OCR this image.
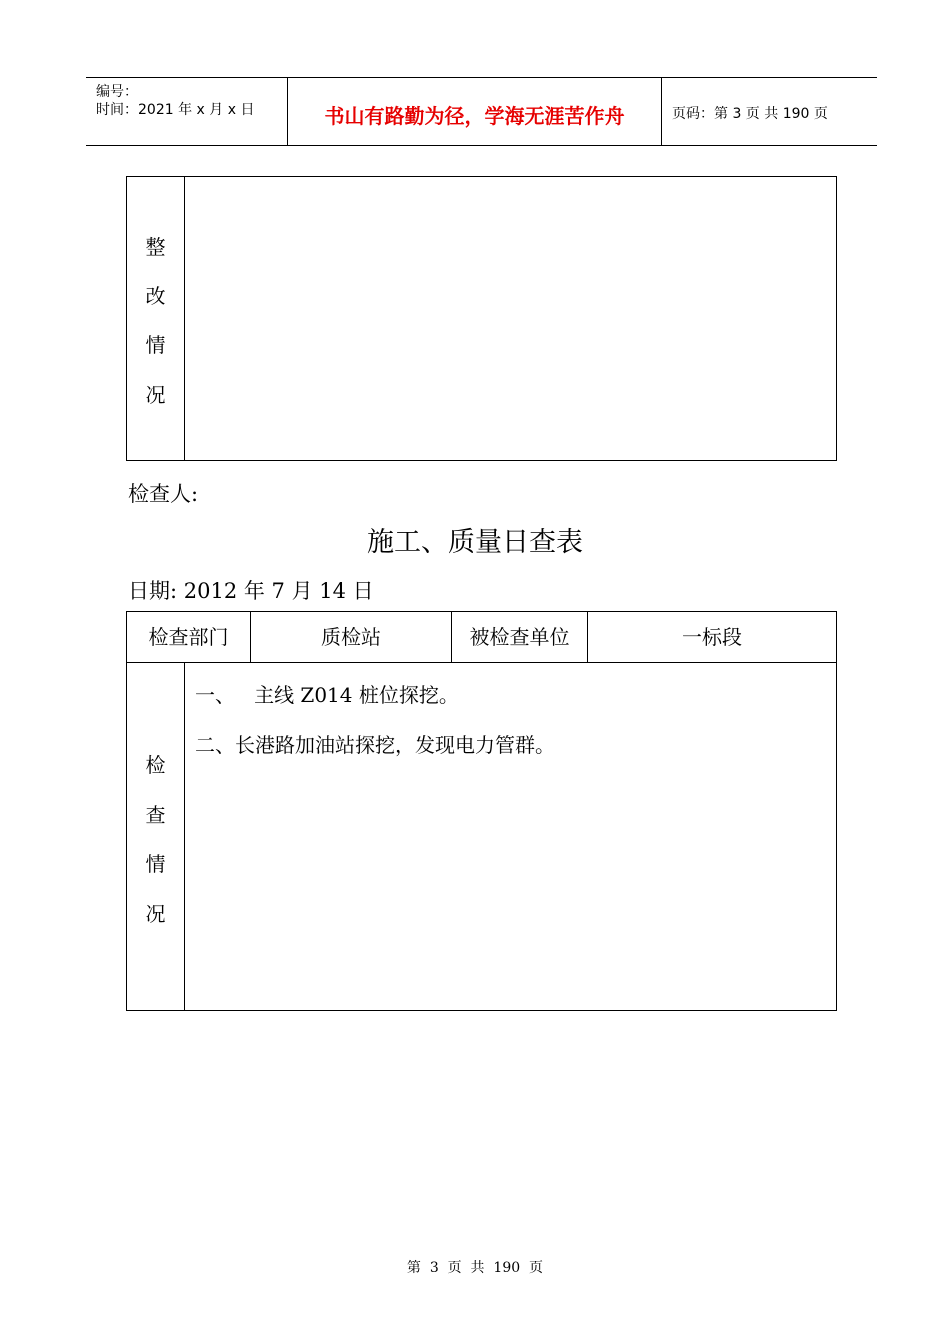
编号：
时间：2021 年 x 月 x 日	书山有路勤为径，学海无涯苦作舟	页码：第 3 页 共 190 页
整
改
情
况
检查人:
施工、质量日查表
日期: 2012 年 7 月 14 日
检查部门	质检站	被检查单位	一标段
检
查
情
况
一、   主线 Z014 桩位探挖。
二、长港路加油站探挖，发现电力管群。
第  3  页  共  190  页
